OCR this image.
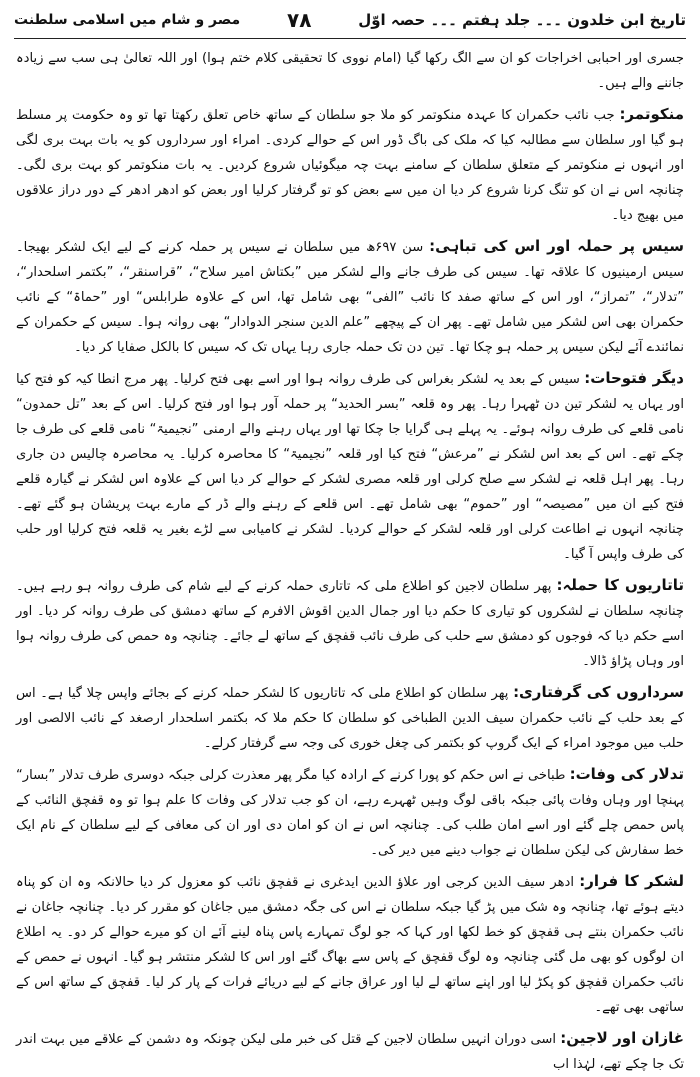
تاریخ ابن خلدون ۔۔۔ جلد ہفتم ۔۔۔ حصہ اوّل
۷۸
مصر و شام میں اسلامی سلطنت

جسری اور احبابی اخراجات کو ان سے الگ رکھا گیا (امام نووی کا تحقیقی کلام ختم ہوا) اور اللہ تعالیٰ ہی سب سے زیادہ جاننے والے ہیں۔

منکوتمر: جب نائب حکمران کا عہدہ منکوتمر کو ملا جو سلطان کے ساتھ خاص تعلق رکھتا تھا تو وہ حکومت پر مسلط ہو گیا اور سلطان سے مطالبہ کیا کہ ملک کی باگ ڈور اس کے حوالے کردی۔ امراء اور سرداروں کو یہ بات بہت بری لگی اور انہوں نے منکوتمر کے متعلق سلطان کے سامنے بہت چہ میگوئیاں شروع کردیں۔ یہ بات منکوتمر کو بہت بری لگی۔ چنانچہ اس نے ان کو تنگ کرنا شروع کر دیا ان میں سے بعض کو تو گرفتار کرلیا اور بعض کو ادھر ادھر کے دور دراز علاقوں میں بھیج دیا۔

سیس پر حملہ اور اس کی تباہی: سن ۶۹۷ھ میں سلطان نے سیس پر حملہ کرنے کے لیے ایک لشکر بھیجا۔ سیس ارمینیوں کا علاقہ تھا۔ سیس کی طرف جانے والے لشکر میں ”بکتاش امیر سلاح“، ”قراسنقر“، ”بکتمر اسلحدار“، ”تدلار“، ”تمراز“، اور اس کے ساتھ صفد کا نائب ”الفی“ بھی شامل تھا، اس کے علاوہ طرابلس“ اور ”حماۃ“ کے نائب حکمران بھی اس لشکر میں شامل تھے۔ پھر ان کے پیچھے ”علم الدین سنجر الدوادار“ بھی روانہ ہوا۔ سیس کے حکمران کے نمائندے آئے لیکن سیس پر حملہ ہو چکا تھا۔ تین دن تک حملہ جاری رہا یہاں تک کہ سیس کا بالکل صفایا کر دیا۔

دیگر فتوحات: سیس کے بعد یہ لشکر بغراس کی طرف روانہ ہوا اور اسے بھی فتح کرلیا۔ پھر مرج انطا کیہ کو فتح کیا اور یہاں یہ لشکر تین دن ٹھہرا رہا۔ پھر وہ قلعہ ”بسر الحدید“ پر حملہ آور ہوا اور فتح کرلیا۔ اس کے بعد ”تل حمدون“ نامی قلعے کی طرف روانہ ہوئے۔ یہ پہلے ہی گرایا جا چکا تھا اور یہاں رہنے والے ارمنی ”نجیمیۃ“ نامی قلعے کی طرف جا چکے تھے۔ اس کے بعد اس لشکر نے ”مرعش“ فتح کیا اور قلعہ ”نجیمیۃ“ کا محاصرہ کرلیا۔ یہ محاصرہ چالیس دن جاری رہا۔ پھر اہل قلعہ نے لشکر سے صلح کرلی اور قلعہ مصری لشکر کے حوالے کر دیا اس کے علاوہ اس لشکر نے گیارہ قلعے فتح کیے ان میں ”مصیصہ“ اور ”حموم“ بھی شامل تھے۔ اس قلعے کے رہنے والے ڈر کے مارے بہت پریشان ہو گئے تھے۔ چنانچہ انہوں نے اطاعت کرلی اور قلعہ لشکر کے حوالے کردیا۔ لشکر نے کامیابی سے لڑے بغیر یہ قلعہ فتح کرلیا اور حلب کی طرف واپس آ گیا۔

تاتاریوں کا حملہ: پھر سلطان لاجین کو اطلاع ملی کہ تاتاری حملہ کرنے کے لیے شام کی طرف روانہ ہو رہے ہیں۔ چنانچہ سلطان نے لشکروں کو تیاری کا حکم دیا اور جمال الدین اقوش الافرم کے ساتھ دمشق کی طرف روانہ کر دیا۔ اور اسے حکم دیا کہ فوجوں کو دمشق سے حلب کی طرف نائب قفچق کے ساتھ لے جائے۔ چنانچہ وہ حمص کی طرف روانہ ہوا اور وہاں پڑاؤ ڈالا۔

سرداروں کی گرفتاری: پھر سلطان کو اطلاع ملی کہ تاتاریوں کا لشکر حملہ کرنے کے بجائے واپس چلا گیا ہے۔ اس کے بعد حلب کے نائب حکمران سیف الدین الطباخی کو سلطان کا حکم ملا کہ بکتمر اسلحدار ارصغد کے نائب الالصی اور حلب میں موجود امراء کے ایک گروپ کو بکتمر کی چغل خوری کی وجہ سے گرفتار کرلے۔

تدلار کی وفات: طباخی نے اس حکم کو پورا کرنے کے ارادہ کیا مگر پھر معذرت کرلی جبکہ دوسری طرف تدلار ”بسار“ پہنچا اور وہاں وفات پائی جبکہ باقی لوگ وہیں ٹھہرے رہے، ان کو جب تدلار کی وفات کا علم ہوا تو وہ قفچق النائب کے پاس حمص چلے گئے اور اسے امان طلب کی۔ چنانچہ اس نے ان کو امان دی اور ان کی معافی کے لیے سلطان کے نام ایک خط سفارش کی لیکن سلطان نے جواب دینے میں دیر کی۔

لشکر کا فرار: ادھر سیف الدین کرجی اور علاؤ الدین ایدغری نے قفچق نائب کو معزول کر دیا حالانکہ وہ ان کو پناہ دیتے ہوئے تھا، چنانچہ وہ شک میں پڑ گیا جبکہ سلطان نے اس کی جگہ دمشق میں جاغان کو مقرر کر دیا۔ چنانچہ جاغان نے نائب حکمران بنتے ہی قفچق کو خط لکھا اور کہا کہ جو لوگ تمہارے پاس پناہ لینے آئے ان کو میرے حوالے کر دو۔ یہ اطلاع ان لوگوں کو بھی مل گئی چنانچہ وہ لوگ قفچق کے پاس سے بھاگ گئے اور اس کا لشکر منتشر ہو گیا۔ انہوں نے حمص کے نائب حکمران قفچق کو پکڑ لیا اور اپنے ساتھ لے لیا اور عراق جانے کے لیے دریائے فرات کے پار کر لیا۔ قفچق کے ساتھ اس کے ساتھی بھی تھے۔

غازان اور لاجین: اسی دوران انہیں سلطان لاجین کے قتل کی خبر ملی لیکن چونکہ وہ دشمن کے علاقے میں بہت اندر تک جا چکے تھے، لہٰذا اب
